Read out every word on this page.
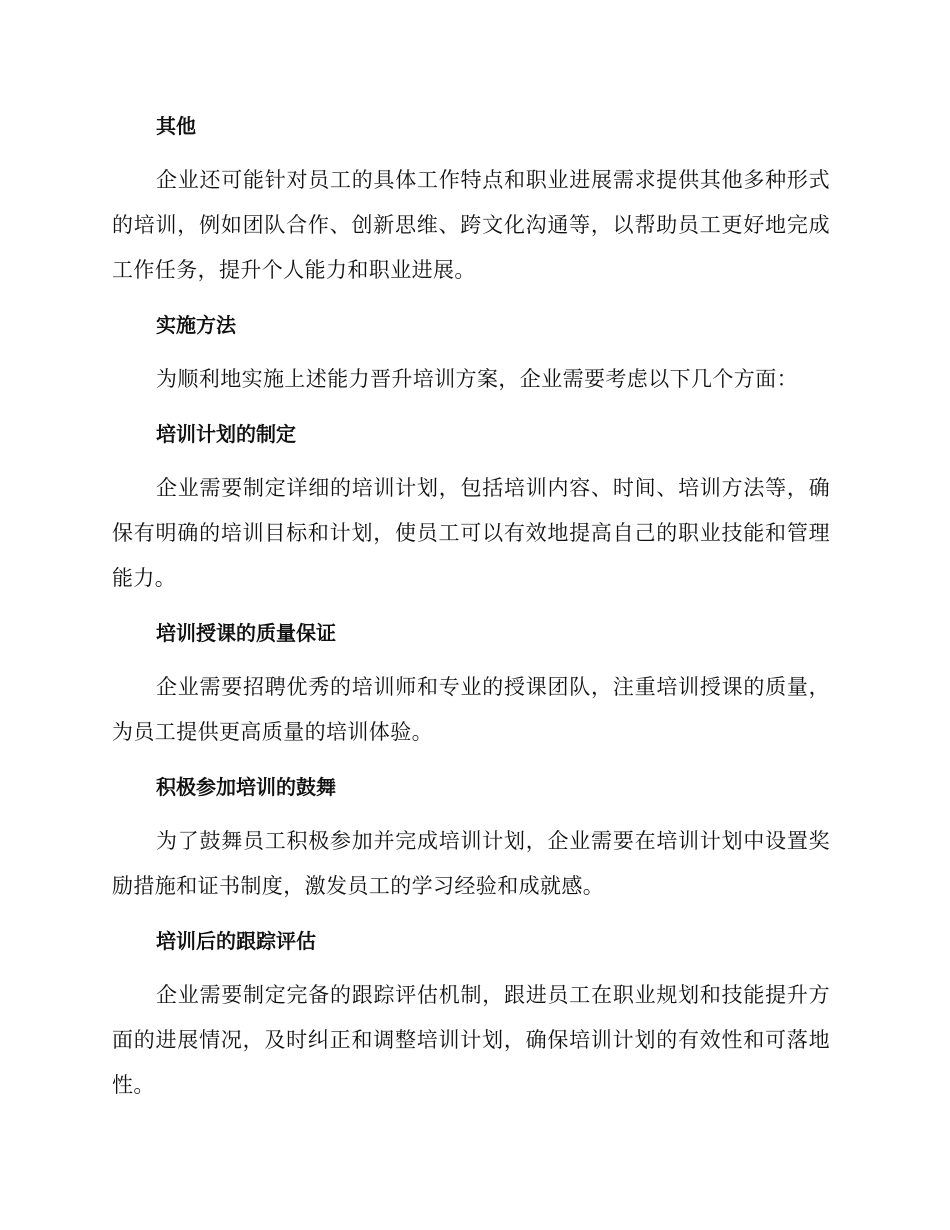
其他

企业还可能针对员工的具体工作特点和职业进展需求提供其他多种形式的培训，例如团队合作、创新思维、跨文化沟通等，以帮助员工更好地完成工作任务，提升个人能力和职业进展。

实施方法

为顺利地实施上述能力晋升培训方案，企业需要考虑以下几个方面：

培训计划的制定

企业需要制定详细的培训计划，包括培训内容、时间、培训方法等，确保有明确的培训目标和计划，使员工可以有效地提高自己的职业技能和管理能力。

培训授课的质量保证

企业需要招聘优秀的培训师和专业的授课团队，注重培训授课的质量，为员工提供更高质量的培训体验。

积极参加培训的鼓舞

为了鼓舞员工积极参加并完成培训计划，企业需要在培训计划中设置奖励措施和证书制度，激发员工的学习经验和成就感。

培训后的跟踪评估

企业需要制定完备的跟踪评估机制，跟进员工在职业规划和技能提升方面的进展情况，及时纠正和调整培训计划，确保培训计划的有效性和可落地性。
